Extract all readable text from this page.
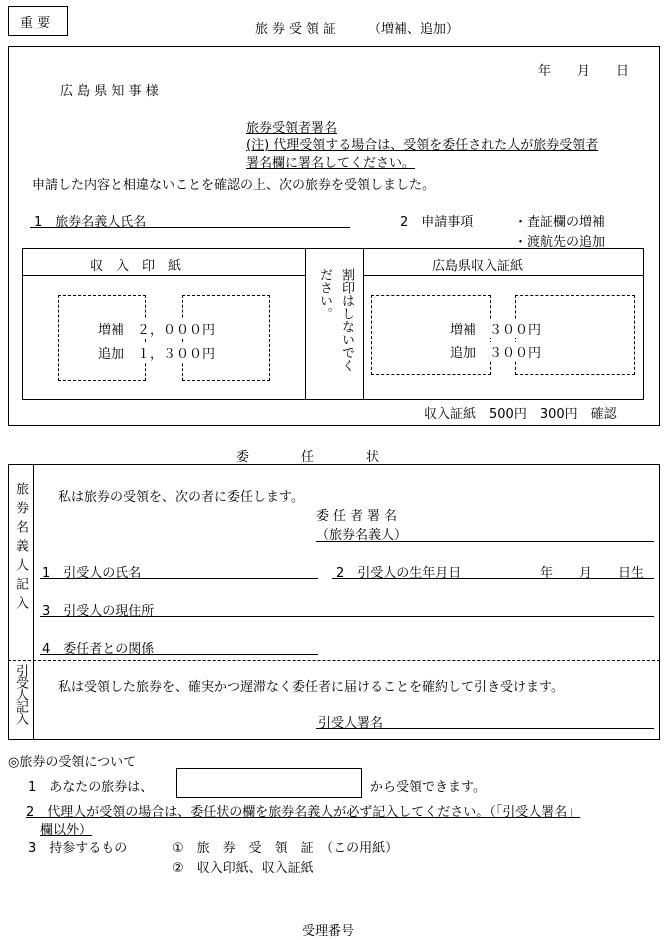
重 要	旅券受領証 （増補、追加）
年　　月　　日
広 島 県 知 事 様
旅券受領者署名
(注) 代理受領する場合は、受領を委任された人が旅券受領者
署名欄に署名してください。
申請した内容と相違ないことを確認の上、次の旅券を受領しました。
1　旅券名義人氏名	2　申請事項	・査証欄の増補
・渡航先の追加
収　入　印　紙
増補　２，０００円
追加　１，３００円	割印はしないでください。
広島県収入証紙
増補　３００円
追加　３００円
収入証紙　500円　300円　確認
委　　　　任　　　　状
旅券名義人記入
引受人記入
私は旅券の受領を、次の者に委任します。
委任者署名
（旅券名義人）
1　引受人の氏名	2　引受人の生年月日	年　　月　　日生
3　引受人の現住所
4　委任者との関係
私は受領した旅券を、確実かつ遅滞なく委任者に届けることを確約して引き受けます。
引受人署名
◎旅券の受領について
1　あなたの旅券は、	から受領できます。
2　代理人が受領の場合は、委任状の欄を旅券名義人が必ず記入してください。（「引受人署名」
欄以外）
3　持参するもの	①　旅　券　受　領　証　（この用紙）
②　収入印紙、収入証紙
受理番号
